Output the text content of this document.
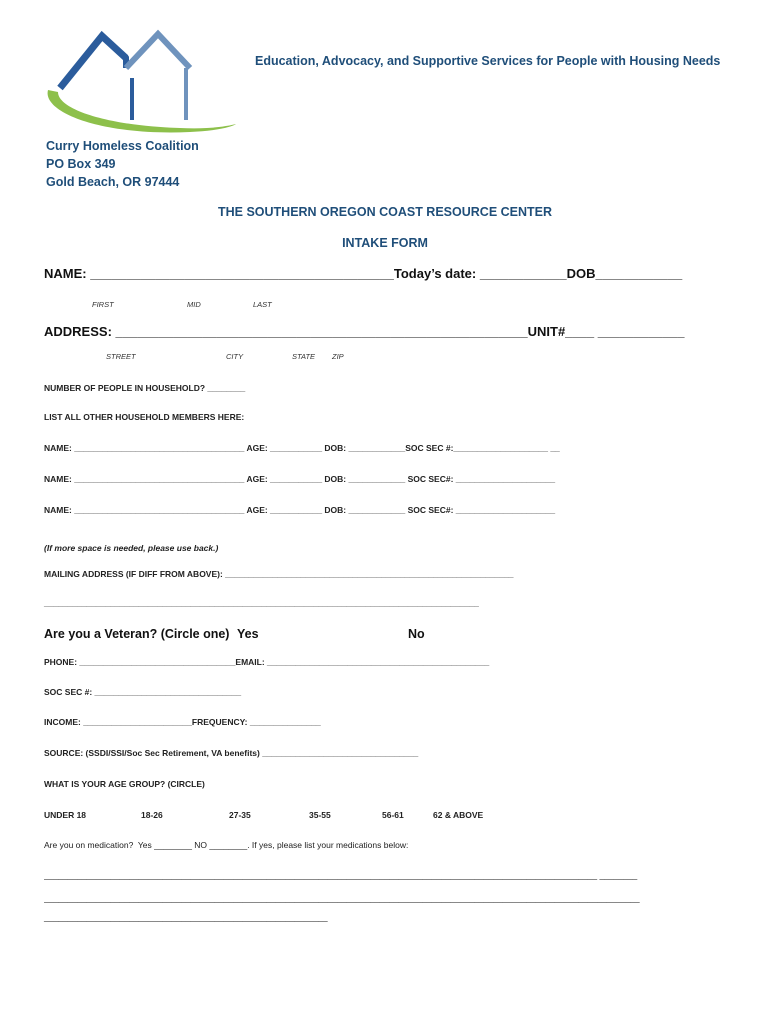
Education, Advocacy, and Supportive Services for People with Housing Needs
Curry Homeless Coalition
PO Box 349
Gold Beach, OR 97444
THE SOUTHERN OREGON COAST RESOURCE CENTER
INTAKE FORM
NAME: __________________________________________Today’s date: ____________DOB____________
FIRST	MID	LAST
ADDRESS: _________________________________________________________UNIT#____ ____________
STREET	CITY	STATE ZIP
NUMBER OF PEOPLE IN HOUSEHOLD? ________
LIST ALL OTHER HOUSEHOLD MEMBERS HERE:
NAME: ____________________________________ AGE: ___________ DOB: ____________SOC SEC #:____________________ __
NAME: ____________________________________ AGE: ___________ DOB: ____________ SOC SEC#: _____________________
NAME: ____________________________________ AGE: ___________ DOB: ____________ SOC SEC#: _____________________
(If more space is needed, please use back.)
MAILING ADDRESS (IF DIFF FROM ABOVE): _____________________________________________________________
____________________________________________________________________________________________
Are you a Veteran? (Circle one) Yes	No
PHONE: _________________________________EMAIL: _______________________________________________
SOC SEC #: _______________________________
INCOME: _______________________FREQUENCY: _______________
SOURCE: (SSDI/SSI/Soc Sec Retirement, VA benefits) _________________________________
WHAT IS YOUR AGE GROUP? (CIRCLE)
UNDER 18	18-26	27-35	35-55	56-61	62 & ABOVE
Are you on medication?  Yes ________ NO ________. If yes, please list your medications below:
_____________________________________________________________________________________________________________________ ________
______________________________________________________________________________________________________________________________
____________________________________________________________
